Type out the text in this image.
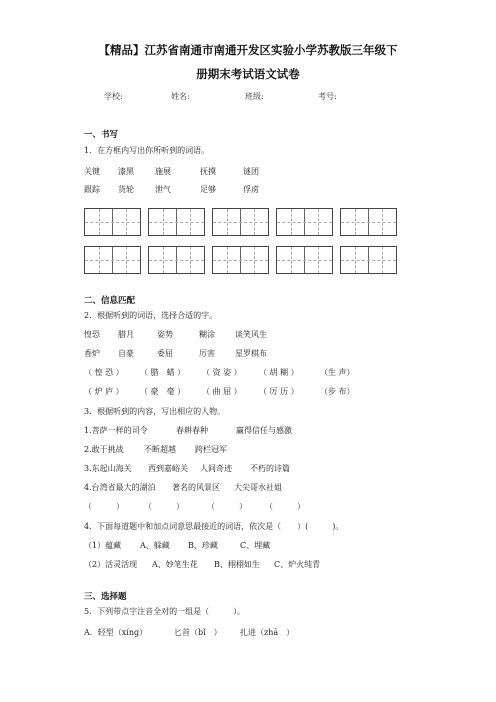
【精品】江苏省南通市南通开发区实验小学苏教版三年级下
册期末考试语文试卷
学校:	姓名:	班级:	考号:
一、书写
1．在方框内写出你所听到的词语。
关键 漆黑	施展	抚摸	谜团
跟踪 货轮	泄气	足够	俘虏
二、信息匹配
2．根据听到的词语，选择合适的字。
惶恐 腊月	姿势	糊涂	谈笑风生
香炉 自豪	委屈	厉害	星罗棋布
（ 惶 恐 ） （ 腊　蜡 ） （ 资 姿 ） （ 胡 糊 ）	（生 声）
（ 炉 庐 ） （ 豪　毫 ） （ 曲 屈 ） （ 厉 历 ）	（步 布）
3．根据听到的内容，写出相应的人物。
1.菩萨一样的司令	春耕春种	赢得信任与感激
2.敢于挑战	不断超越 跨栏冠军
3.东起山海关 西到嘉峪关 人间奇迹 不朽的诗篇
4.台湾省最大的湖泊 著名的风景区 大尖哥水社姐
（　　　）	（　　　）	（　　　） （　　　）
4．下面每道题中和加点词意思最接近的词语，依次是（　　）(　　　)。
（1）蕴藏 A、躲藏 B、珍藏	C、埋藏
（2）活灵活现 A、妙笔生花 B、栩栩如生 C、炉火纯青
三、选择题
5．下列带点字注音全对的一组是（　　　）。
A．轻型（xíng）	匕首（bǐ　） 扎进（zhā　）
